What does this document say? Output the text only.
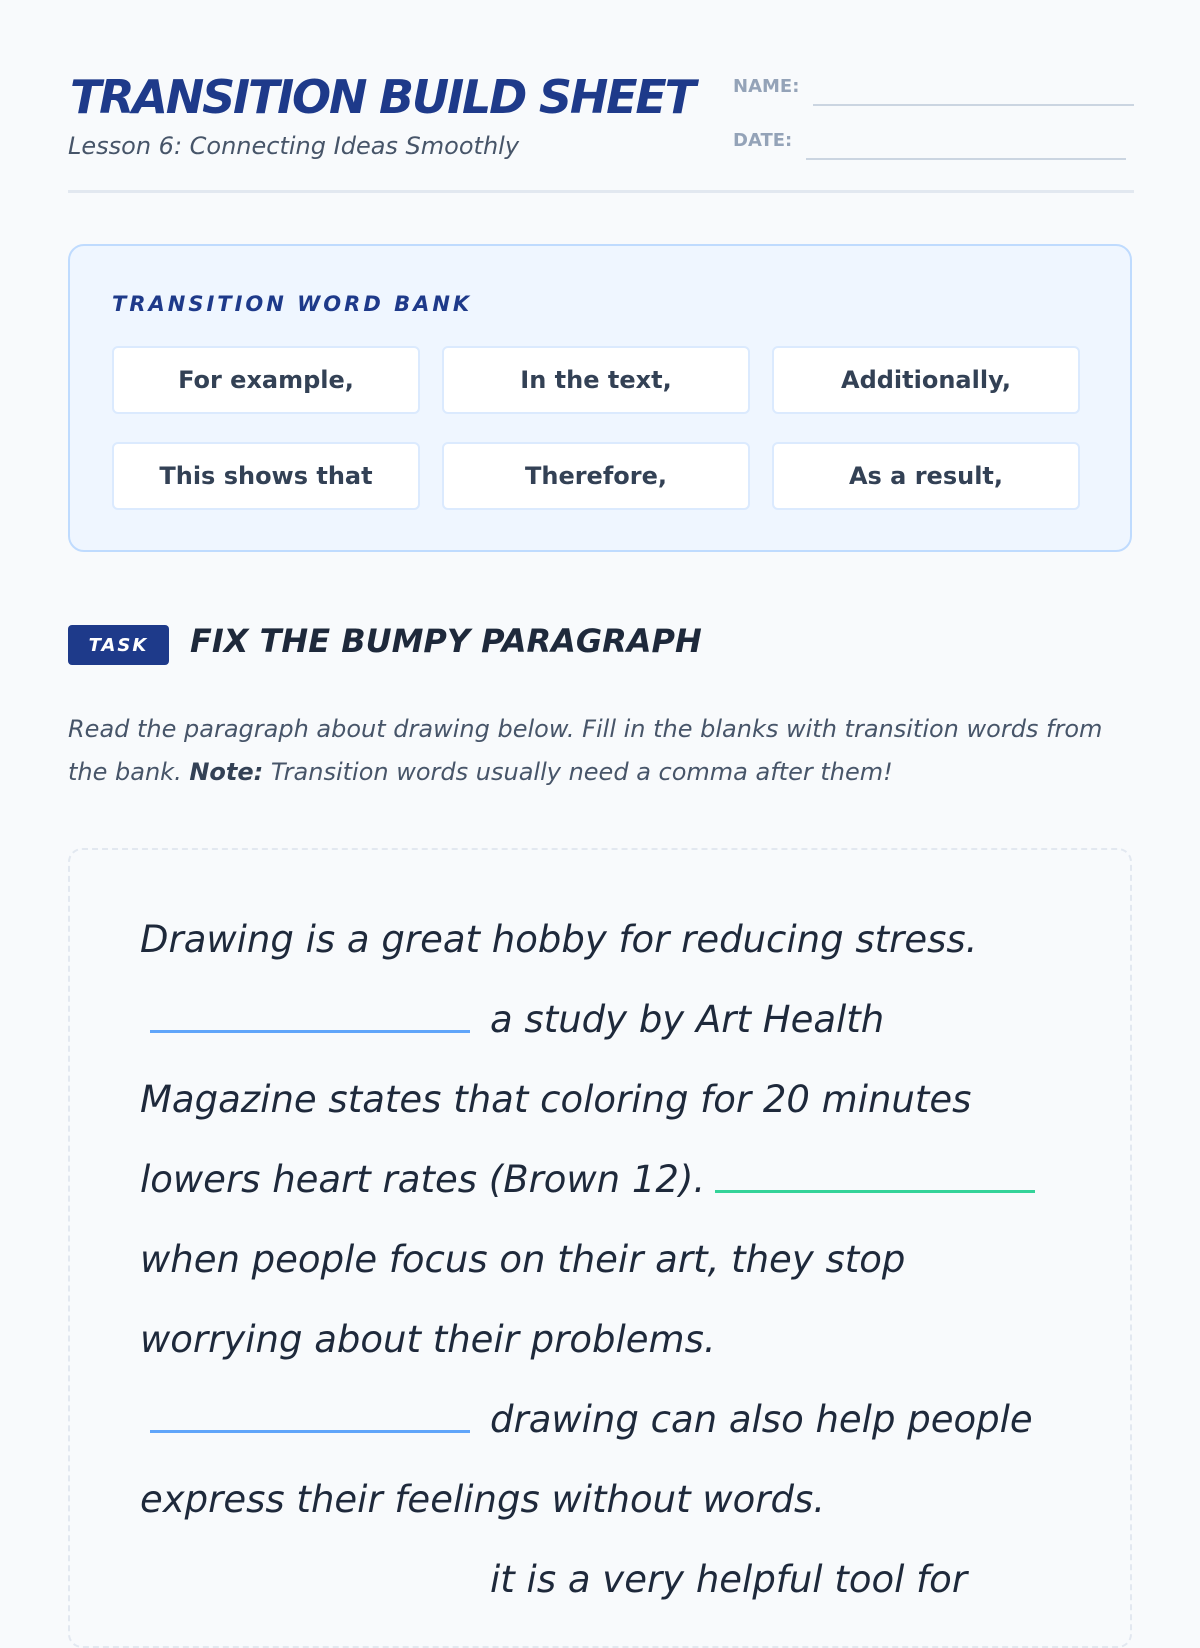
TRANSITION BUILD SHEET
Lesson 6: Connecting Ideas Smoothly
NAME:
DATE:
TRANSITION WORD BANK
For example,	In the text,	Additionally,
This shows that	Therefore,	As a result,
TASK	FIX THE BUMPY PARAGRAPH
Read the paragraph about drawing below. Fill in the blanks with transition words from the bank. Note: Transition words usually need a comma after them!
Drawing is a great hobby for reducing stress.
a study by Art Health
Magazine states that coloring for 20 minutes
lowers heart rates (Brown 12).
when people focus on their art, they stop
worrying about their problems.
drawing can also help people
express their feelings without words.
it is a very helpful tool for
